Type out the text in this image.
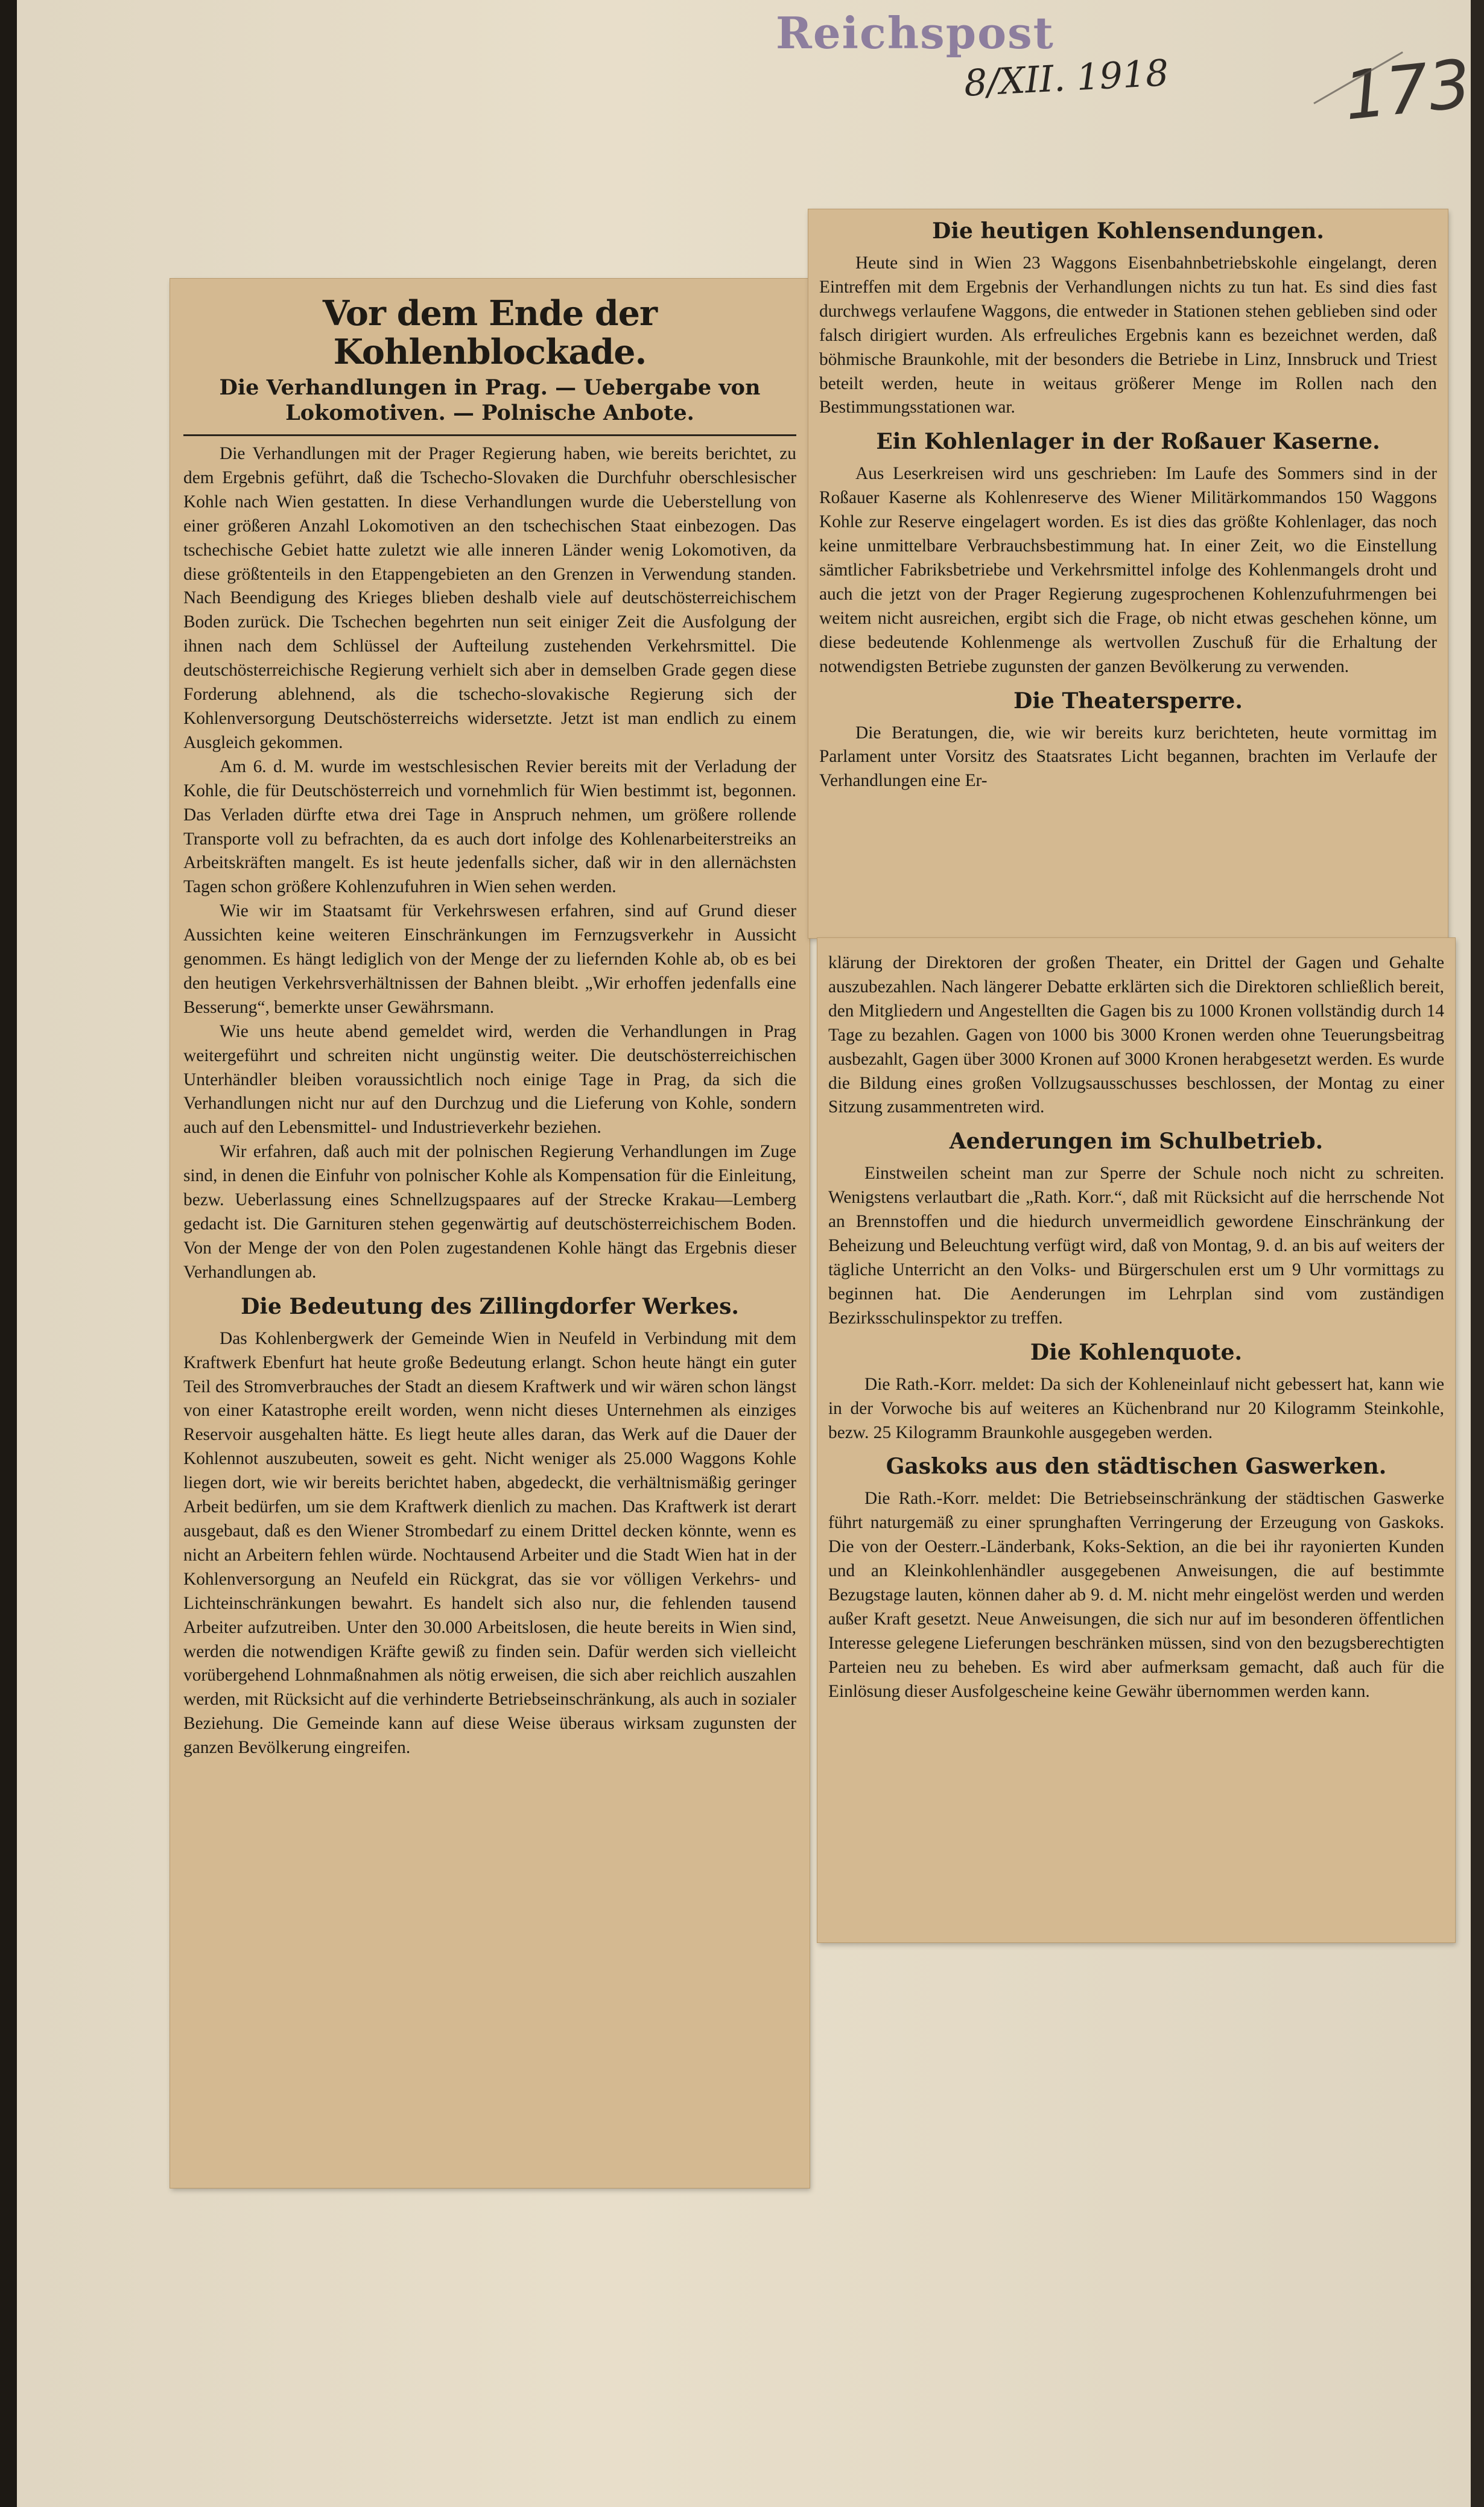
Reichspost
8/XII. 1918	173
Vor dem Ende der Kohlenblockade.
Die Verhandlungen in Prag. — Uebergabe von Lokomotiven. — Polnische Anbote.

Die Verhandlungen mit der Prager Regierung haben, wie bereits berichtet, zu dem Ergebnis geführt, daß die Tschecho-Slovaken die Durchfuhr oberschlesischer Kohle nach Wien gestatten. In diese Verhandlungen wurde die Ueberstellung von einer größeren Anzahl Lokomotiven an den tschechischen Staat einbezogen. Das tschechische Gebiet hatte zuletzt wie alle inneren Länder wenig Lokomotiven, da diese größtenteils in den Etappengebieten an den Grenzen in Verwendung standen. Nach Beendigung des Krieges blieben deshalb viele auf deutschösterreichischem Boden zurück. Die Tschechen begehrten nun seit einiger Zeit die Ausfolgung der ihnen nach dem Schlüssel der Aufteilung zustehenden Verkehrsmittel. Die deutschösterreichische Regierung verhielt sich aber in demselben Grade gegen diese Forderung ablehnend, als die tschecho-slovakische Regierung sich der Kohlenversorgung Deutschösterreichs widersetzte. Jetzt ist man endlich zu einem Ausgleich gekommen.

Am 6. d. M. wurde im westschlesischen Revier bereits mit der Verladung der Kohle, die für Deutschösterreich und vornehmlich für Wien bestimmt ist, begonnen. Das Verladen dürfte etwa drei Tage in Anspruch nehmen, um größere rollende Transporte voll zu befrachten, da es auch dort infolge des Kohlenarbeiterstreiks an Arbeitskräften mangelt. Es ist heute jedenfalls sicher, daß wir in den allernächsten Tagen schon größere Kohlenzufuhren in Wien sehen werden.

Wie wir im Staatsamt für Verkehrswesen erfahren, sind auf Grund dieser Aussichten keine weiteren Einschränkungen im Fernzugsverkehr in Aussicht genommen. Es hängt lediglich von der Menge der zu liefernden Kohle ab, ob es bei den heutigen Verkehrsverhältnissen der Bahnen bleibt. „Wir erhoffen jedenfalls eine Besserung“, bemerkte unser Gewährsmann.

Wie uns heute abend gemeldet wird, werden die Verhandlungen in Prag weitergeführt und schreiten nicht ungünstig weiter. Die deutschösterreichischen Unterhändler bleiben voraussichtlich noch einige Tage in Prag, da sich die Verhandlungen nicht nur auf den Durchzug und die Lieferung von Kohle, sondern auch auf den Lebensmittel- und Industrieverkehr beziehen.

Wir erfahren, daß auch mit der polnischen Regierung Verhandlungen im Zuge sind, in denen die Einfuhr von polnischer Kohle als Kompensation für die Einleitung, bezw. Ueberlassung eines Schnellzugspaares auf der Strecke Krakau—Lemberg gedacht ist. Die Garnituren stehen gegenwärtig auf deutschösterreichischem Boden. Von der Menge der von den Polen zugestandenen Kohle hängt das Ergebnis dieser Verhandlungen ab.

Die Bedeutung des Zillingdorfer Werkes.

Das Kohlenbergwerk der Gemeinde Wien in Neufeld in Verbindung mit dem Kraftwerk Ebenfurt hat heute große Bedeutung erlangt. Schon heute hängt ein guter Teil des Stromverbrauches der Stadt an diesem Kraftwerk und wir wären schon längst von einer Katastrophe ereilt worden, wenn nicht dieses Unternehmen als einziges Reservoir ausgehalten hätte. Es liegt heute alles daran, das Werk auf die Dauer der Kohlennot auszubeuten, soweit es geht. Nicht weniger als 25.000 Waggons Kohle liegen dort, wie wir bereits berichtet haben, abgedeckt, die verhältnismäßig geringer Arbeit bedürfen, um sie dem Kraftwerk dienlich zu machen. Das Kraftwerk ist derart ausgebaut, daß es den Wiener Strombedarf zu einem Drittel decken könnte, wenn es nicht an Arbeitern fehlen würde. Nochtausend Arbeiter und die Stadt Wien hat in der Kohlenversorgung an Neufeld ein Rückgrat, das sie vor völligen Verkehrs- und Lichteinschränkungen bewahrt. Es handelt sich also nur, die fehlenden tausend Arbeiter aufzutreiben. Unter den 30.000 Arbeitslosen, die heute bereits in Wien sind, werden die notwendigen Kräfte gewiß zu finden sein. Dafür werden sich vielleicht vorübergehend Lohnmaßnahmen als nötig erweisen, die sich aber reichlich auszahlen werden, mit Rücksicht auf die verhinderte Betriebseinschränkung, als auch in sozialer Beziehung. Die Gemeinde kann auf diese Weise überaus wirksam zugunsten der ganzen Bevölkerung eingreifen.

Die heutigen Kohlensendungen.

Heute sind in Wien 23 Waggons Eisenbahnbetriebskohle eingelangt, deren Eintreffen mit dem Ergebnis der Verhandlungen nichts zu tun hat. Es sind dies fast durchwegs verlaufene Waggons, die entweder in Stationen stehen geblieben sind oder falsch dirigiert wurden. Als erfreuliches Ergebnis kann es bezeichnet werden, daß böhmische Braunkohle, mit der besonders die Betriebe in Linz, Innsbruck und Triest beteilt werden, heute in weitaus größerer Menge im Rollen nach den Bestimmungsstationen war.

Ein Kohlenlager in der Roßauer Kaserne.

Aus Leserkreisen wird uns geschrieben: Im Laufe des Sommers sind in der Roßauer Kaserne als Kohlenreserve des Wiener Militärkommandos 150 Waggons Kohle zur Reserve eingelagert worden. Es ist dies das größte Kohlenlager, das noch keine unmittelbare Verbrauchsbestimmung hat. In einer Zeit, wo die Einstellung sämtlicher Fabriksbetriebe und Verkehrsmittel infolge des Kohlenmangels droht und auch die jetzt von der Prager Regierung zugesprochenen Kohlenzufuhrmengen bei weitem nicht ausreichen, ergibt sich die Frage, ob nicht etwas geschehen könne, um diese bedeutende Kohlenmenge als wertvollen Zuschuß für die Erhaltung der notwendigsten Betriebe zugunsten der ganzen Bevölkerung zu verwenden.

Die Theatersperre.

Die Beratungen, die, wie wir bereits kurz berichteten, heute vormittag im Parlament unter Vorsitz des Staatsrates Licht begannen, brachten im Verlaufe der Verhandlungen eine Er-

klärung der Direktoren der großen Theater, ein Drittel der Gagen und Gehalte auszubezahlen. Nach längerer Debatte erklärten sich die Direktoren schließlich bereit, den Mitgliedern und Angestellten die Gagen bis zu 1000 Kronen vollständig durch 14 Tage zu bezahlen. Gagen von 1000 bis 3000 Kronen werden ohne Teuerungsbeitrag ausbezahlt, Gagen über 3000 Kronen auf 3000 Kronen herabgesetzt werden. Es wurde die Bildung eines großen Vollzugsausschusses beschlossen, der Montag zu einer Sitzung zusammentreten wird.

Aenderungen im Schulbetrieb.

Einstweilen scheint man zur Sperre der Schule noch nicht zu schreiten. Wenigstens verlautbart die „Rath. Korr.“, daß mit Rücksicht auf die herrschende Not an Brennstoffen und die hiedurch unvermeidlich gewordene Einschränkung der Beheizung und Beleuchtung verfügt wird, daß von Montag, 9. d. an bis auf weiters der tägliche Unterricht an den Volks- und Bürgerschulen erst um 9 Uhr vormittags zu beginnen hat. Die Aenderungen im Lehrplan sind vom zuständigen Bezirksschulinspektor zu treffen.

Die Kohlenquote.

Die Rath.-Korr. meldet: Da sich der Kohleneinlauf nicht gebessert hat, kann wie in der Vorwoche bis auf weiteres an Küchenbrand nur 20 Kilogramm Steinkohle, bezw. 25 Kilogramm Braunkohle ausgegeben werden.

Gaskoks aus den städtischen Gaswerken.

Die Rath.-Korr. meldet: Die Betriebseinschränkung der städtischen Gaswerke führt naturgemäß zu einer sprunghaften Verringerung der Erzeugung von Gaskoks. Die von der Oesterr.-Länderbank, Koks-Sektion, an die bei ihr rayonierten Kunden und an Kleinkohlenhändler ausgegebenen Anweisungen, die auf bestimmte Bezugstage lauten, können daher ab 9. d. M. nicht mehr eingelöst werden und werden außer Kraft gesetzt. Neue Anweisungen, die sich nur auf im besonderen öffentlichen Interesse gelegene Lieferungen beschränken müssen, sind von den bezugsberechtigten Parteien neu zu beheben. Es wird aber aufmerksam gemacht, daß auch für die Einlösung dieser Ausfolgescheine keine Gewähr übernommen werden kann.
